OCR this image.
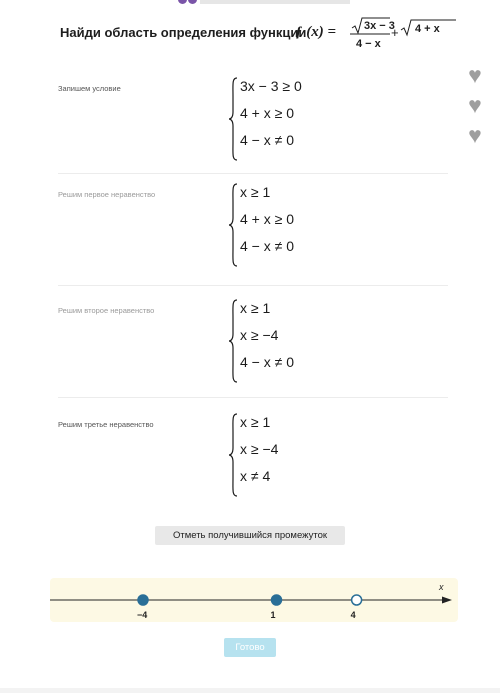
Найди область определения функции
ƒ (x) =	3x − 3
4 − x
+ 4 + x
♥
♥
♥
Запишем условие	3x − 3 ≥ 0
4 + x ≥ 0
4 − x ≠ 0
Решим первое неравенство	x ≥ 1
4 + x ≥ 0
4 − x ≠ 0
Решим второе неравенство	x ≥ 1
x ≥ −4
4 − x ≠ 0
Решим третье неравенство	x ≥ 1
x ≥ −4
x ≠ 4
Отметь получившийся промежуток
x
Готово
−4	1	4
